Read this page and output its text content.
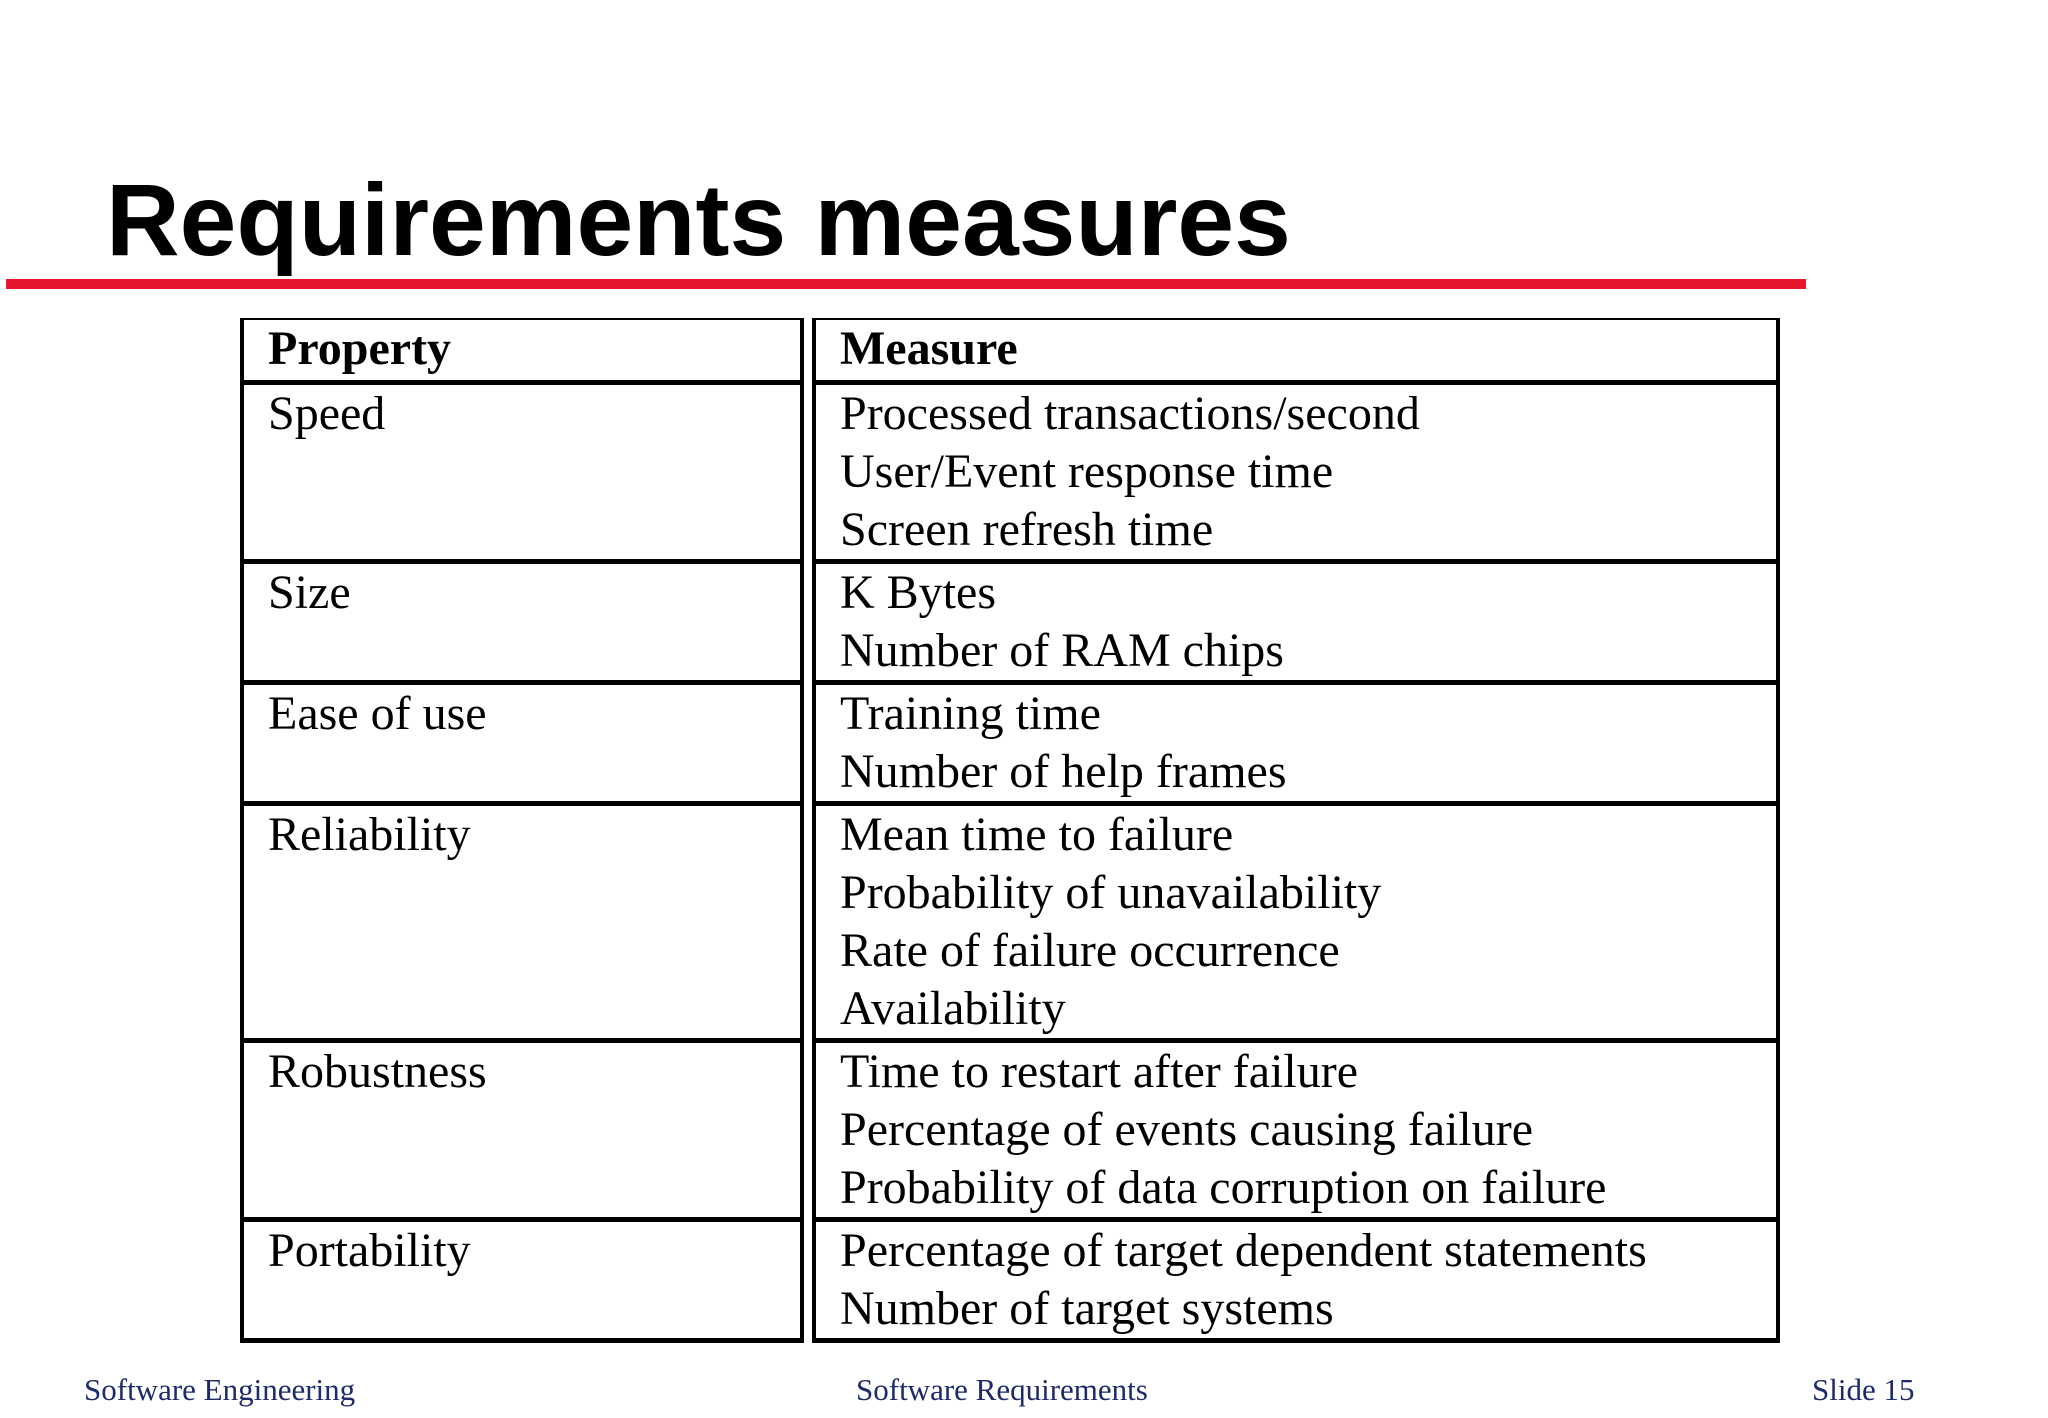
Requirements measures
Property	Measure
Speed	Processed transactions/second
User/Event response time
Screen refresh time

Size	K Bytes
Number of RAM chips

Ease of use	Training time
Number of help frames

Reliability	Mean time to failure
Probability of unavailability
Rate of failure occurrence
Availability

Robustness	Time to restart after failure
Percentage of events causing failure
Probability of data corruption on failure

Portability	Percentage of target dependent statements
Number of target systems
Software Engineering	Software Requirements	Slide 15
